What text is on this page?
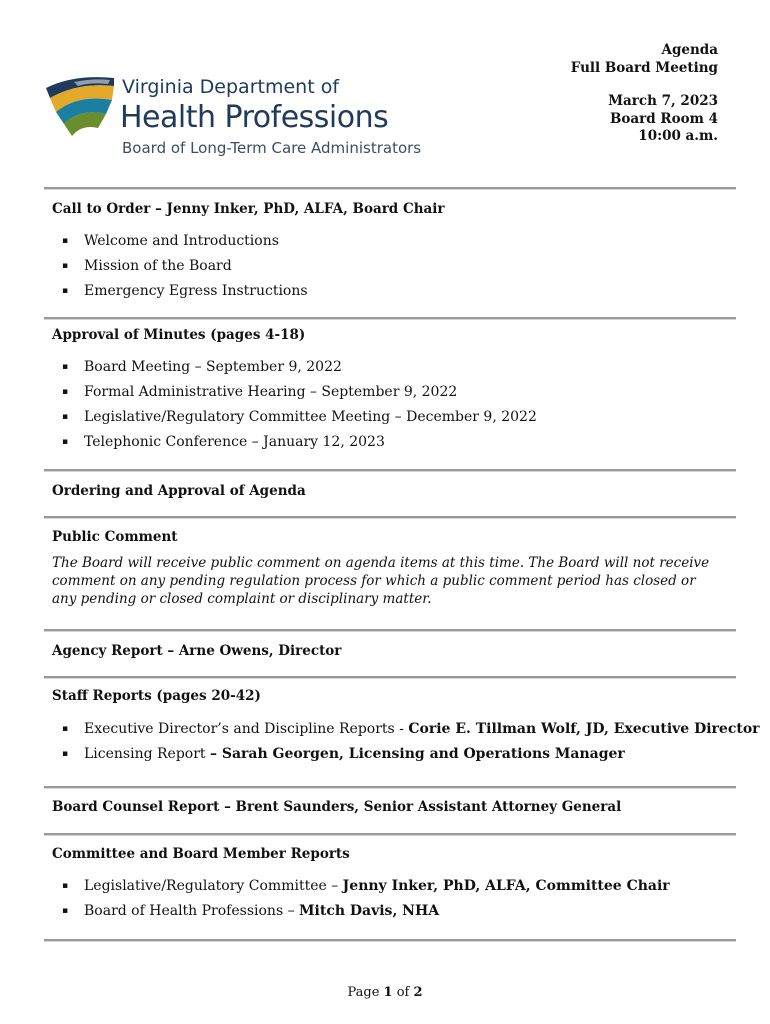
Virginia Department of
Health Professions
Board of Long-Term Care Administrators
Agenda
Full Board Meeting
March 7, 2023
Board Room 4
10:00 a.m.
Call to Order – Jenny Inker, PhD, ALFA, Board Chair
▪ Welcome and Introductions
▪ Mission of the Board
▪ Emergency Egress Instructions
Approval of Minutes (pages 4-18)
▪ Board Meeting – September 9, 2022
▪ Formal Administrative Hearing – September 9, 2022
▪ Legislative/Regulatory Committee Meeting – December 9, 2022
▪ Telephonic Conference – January 12, 2023
Ordering and Approval of Agenda
Public Comment
The Board will receive public comment on agenda items at this time. The Board will not receive comment on any pending regulation process for which a public comment period has closed or any pending or closed complaint or disciplinary matter.
Agency Report – Arne Owens, Director
Staff Reports (pages 20-42)
▪ Executive Director’s and Discipline Reports - Corie E. Tillman Wolf, JD, Executive Director
▪ Licensing Report – Sarah Georgen, Licensing and Operations Manager
Board Counsel Report – Brent Saunders, Senior Assistant Attorney General
Committee and Board Member Reports
▪ Legislative/Regulatory Committee – Jenny Inker, PhD, ALFA, Committee Chair
▪ Board of Health Professions – Mitch Davis, NHA
Page 1 of 2
